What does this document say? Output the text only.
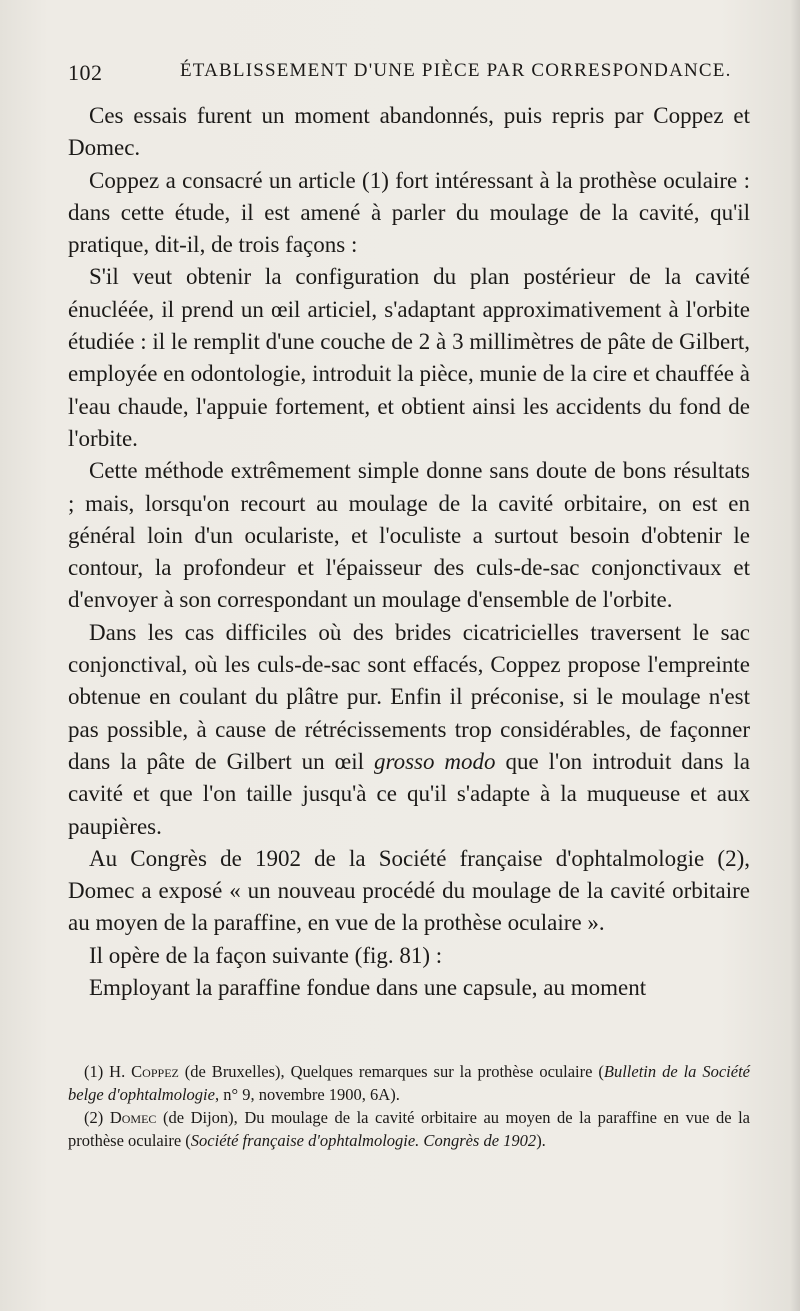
102	ÉTABLISSEMENT D'UNE PIÈCE PAR CORRESPONDANCE.

Ces essais furent un moment abandonnés, puis repris par Coppez et Domec.

Coppez a consacré un article (1) fort intéressant à la prothèse oculaire : dans cette étude, il est amené à parler du moulage de la cavité, qu'il pratique, dit-il, de trois façons :

S'il veut obtenir la configuration du plan postérieur de la cavité énucléée, il prend un œil articiel, s'adaptant approximativement à l'orbite étudiée : il le remplit d'une couche de 2 à 3 millimètres de pâte de Gilbert, employée en odontologie, introduit la pièce, munie de la cire et chauffée à l'eau chaude, l'appuie fortement, et obtient ainsi les accidents du fond de l'orbite.

Cette méthode extrêmement simple donne sans doute de bons résultats ; mais, lorsqu'on recourt au moulage de la cavité orbitaire, on est en général loin d'un oculariste, et l'oculiste a surtout besoin d'obtenir le contour, la profondeur et l'épaisseur des culs-de-sac conjonctivaux et d'envoyer à son correspondant un moulage d'ensemble de l'orbite.

Dans les cas difficiles où des brides cicatricielles traversent le sac conjonctival, où les culs-de-sac sont effacés, Coppez propose l'empreinte obtenue en coulant du plâtre pur. Enfin il préconise, si le moulage n'est pas possible, à cause de rétrécissements trop considérables, de façonner dans la pâte de Gilbert un œil grosso modo que l'on introduit dans la cavité et que l'on taille jusqu'à ce qu'il s'adapte à la muqueuse et aux paupières.

Au Congrès de 1902 de la Société française d'ophtalmologie (2), Domec a exposé « un nouveau procédé du moulage de la cavité orbitaire au moyen de la paraffine, en vue de la prothèse oculaire ».

Il opère de la façon suivante (fig. 81) :

Employant la paraffine fondue dans une capsule, au moment

(1) H. Coppez (de Bruxelles), Quelques remarques sur la prothèse oculaire (Bulletin de la Société belge d'ophtalmologie, n° 9, novembre 1900, 6A).

(2) Domec (de Dijon), Du moulage de la cavité orbitaire au moyen de la paraffine en vue de la prothèse oculaire (Société française d'ophtalmologie. Congrès de 1902).
